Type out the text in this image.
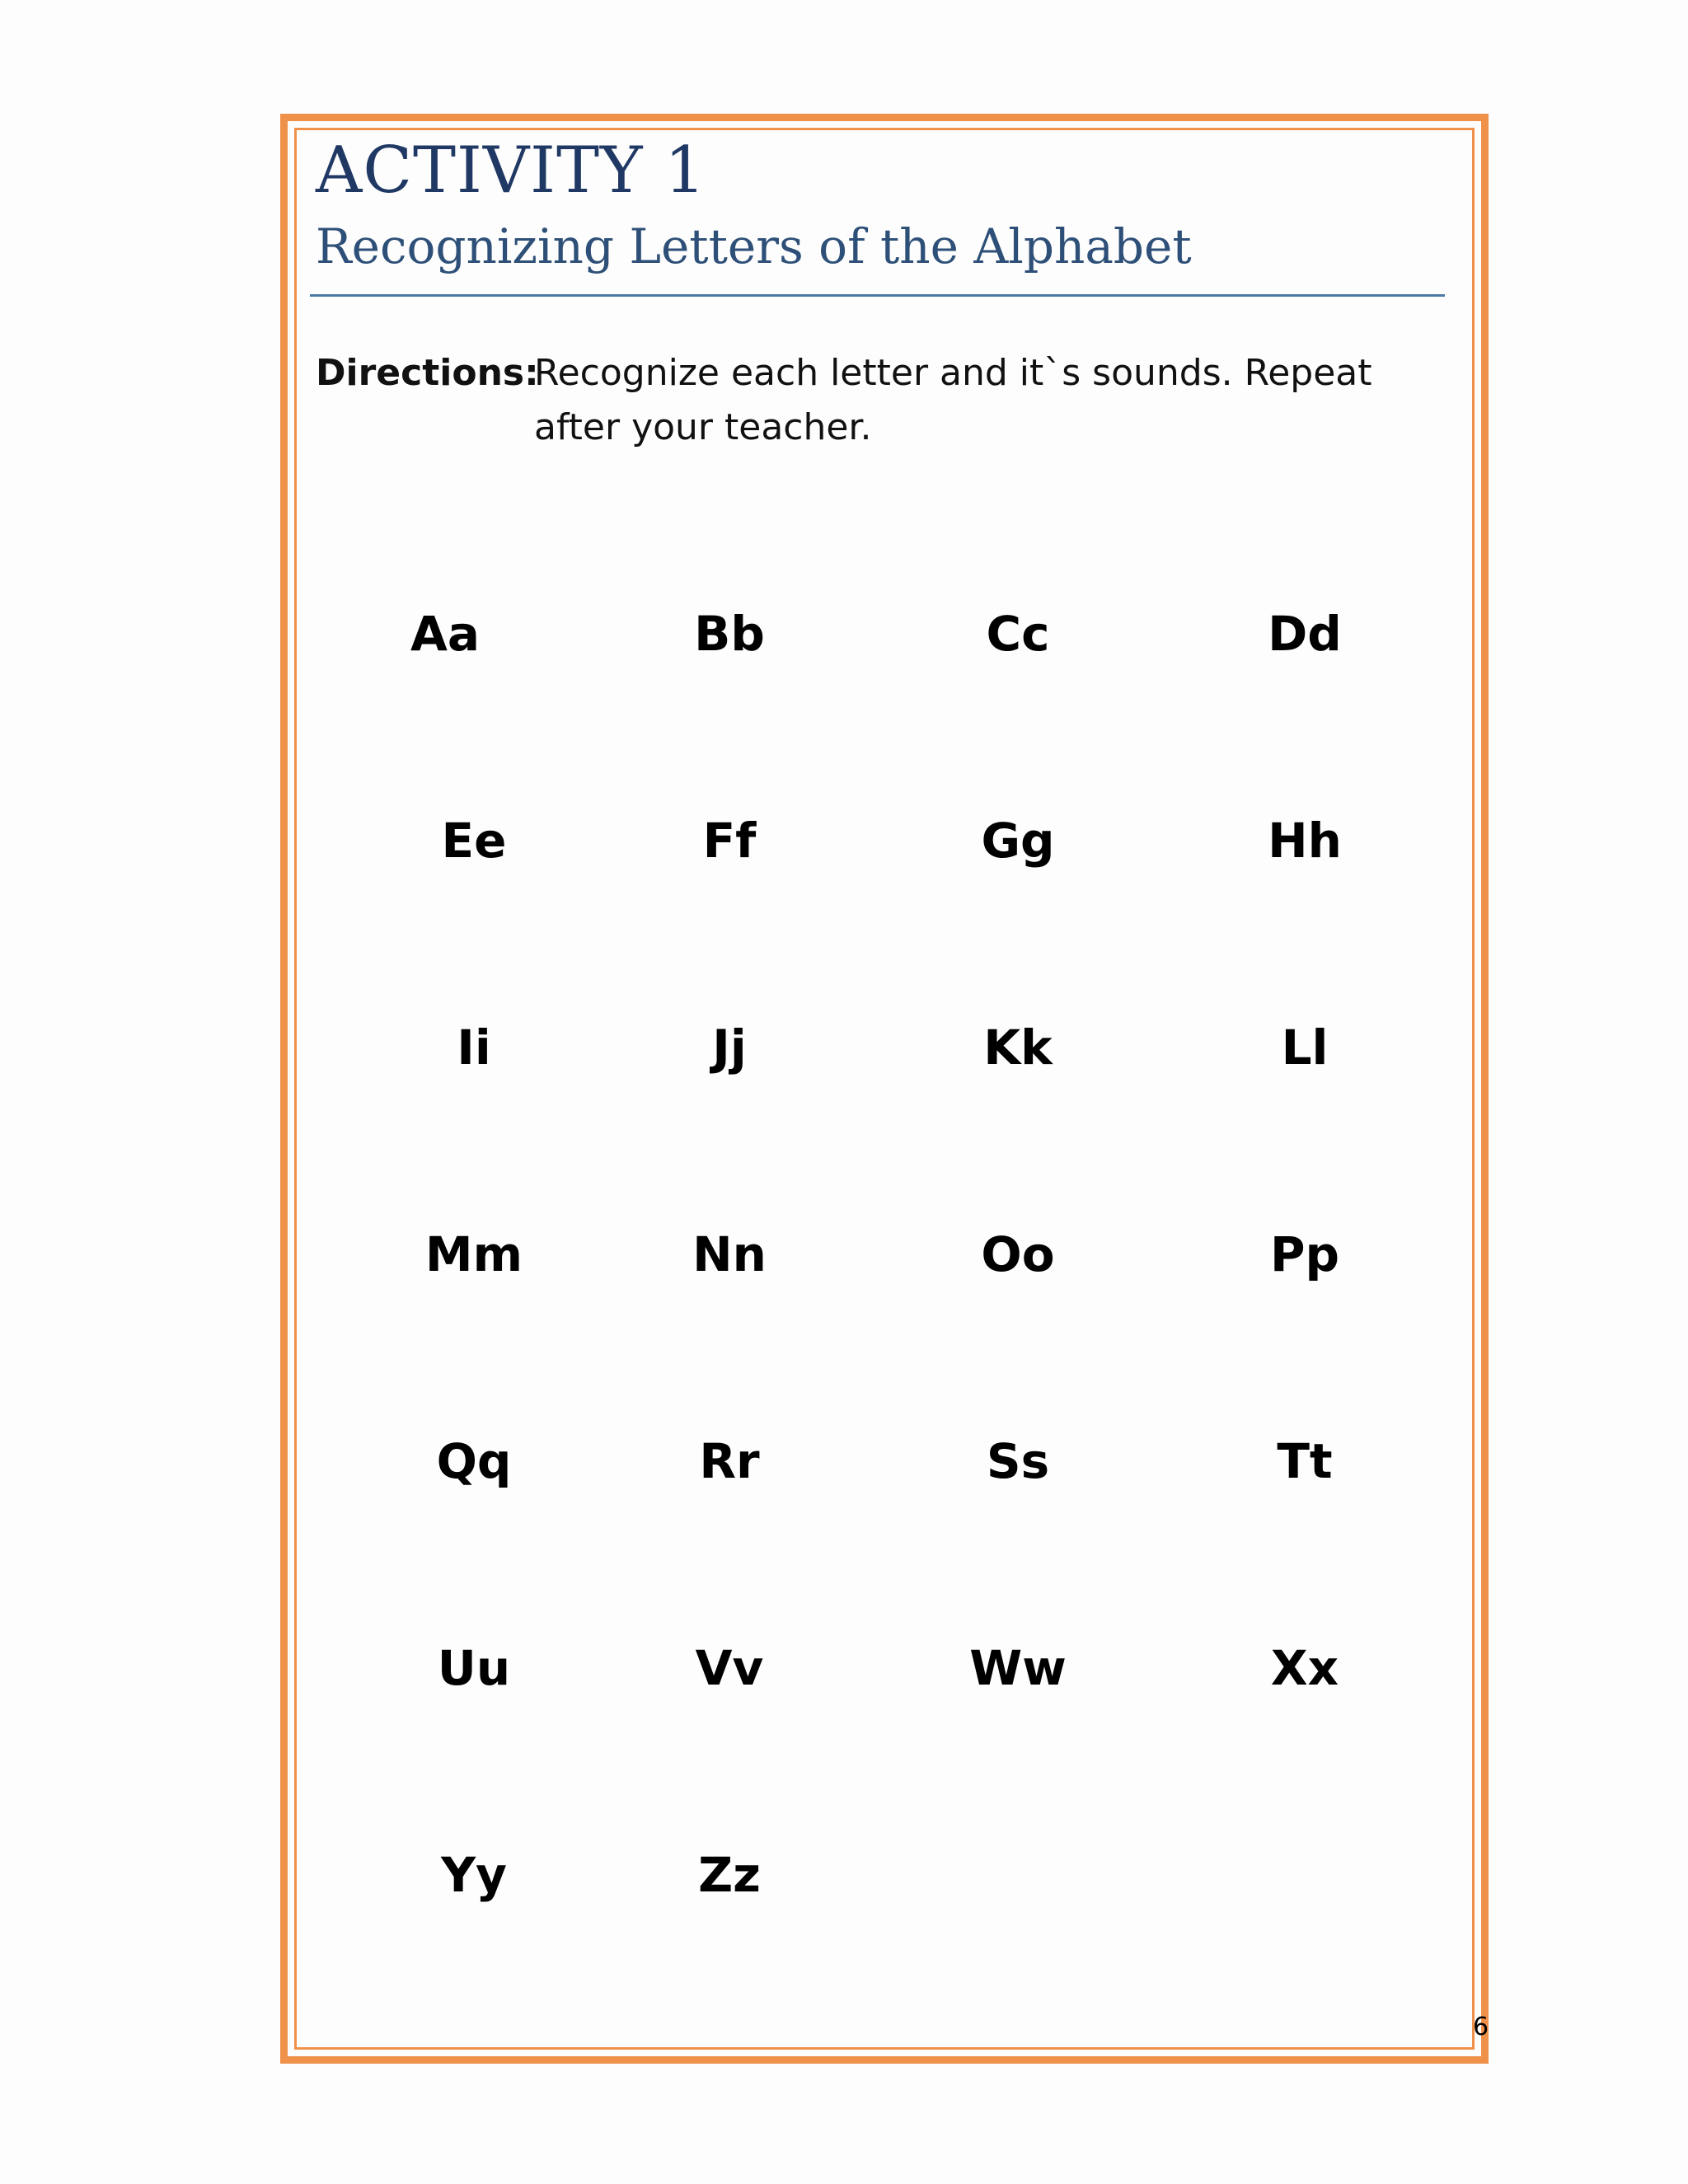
ACTIVITY 1
Recognizing Letters of the Alphabet
Directions:
Recognize each letter and it`s sounds. Repeat after your teacher.
Aa	Bb	Cc	Dd
Ee	Ff	Gg	Hh
Ii	Jj	Kk	Ll
Mm	Nn	Oo	Pp
Qq	Rr	Ss	Tt
Uu	Vv	Ww	Xx
Yy	Zz
6
